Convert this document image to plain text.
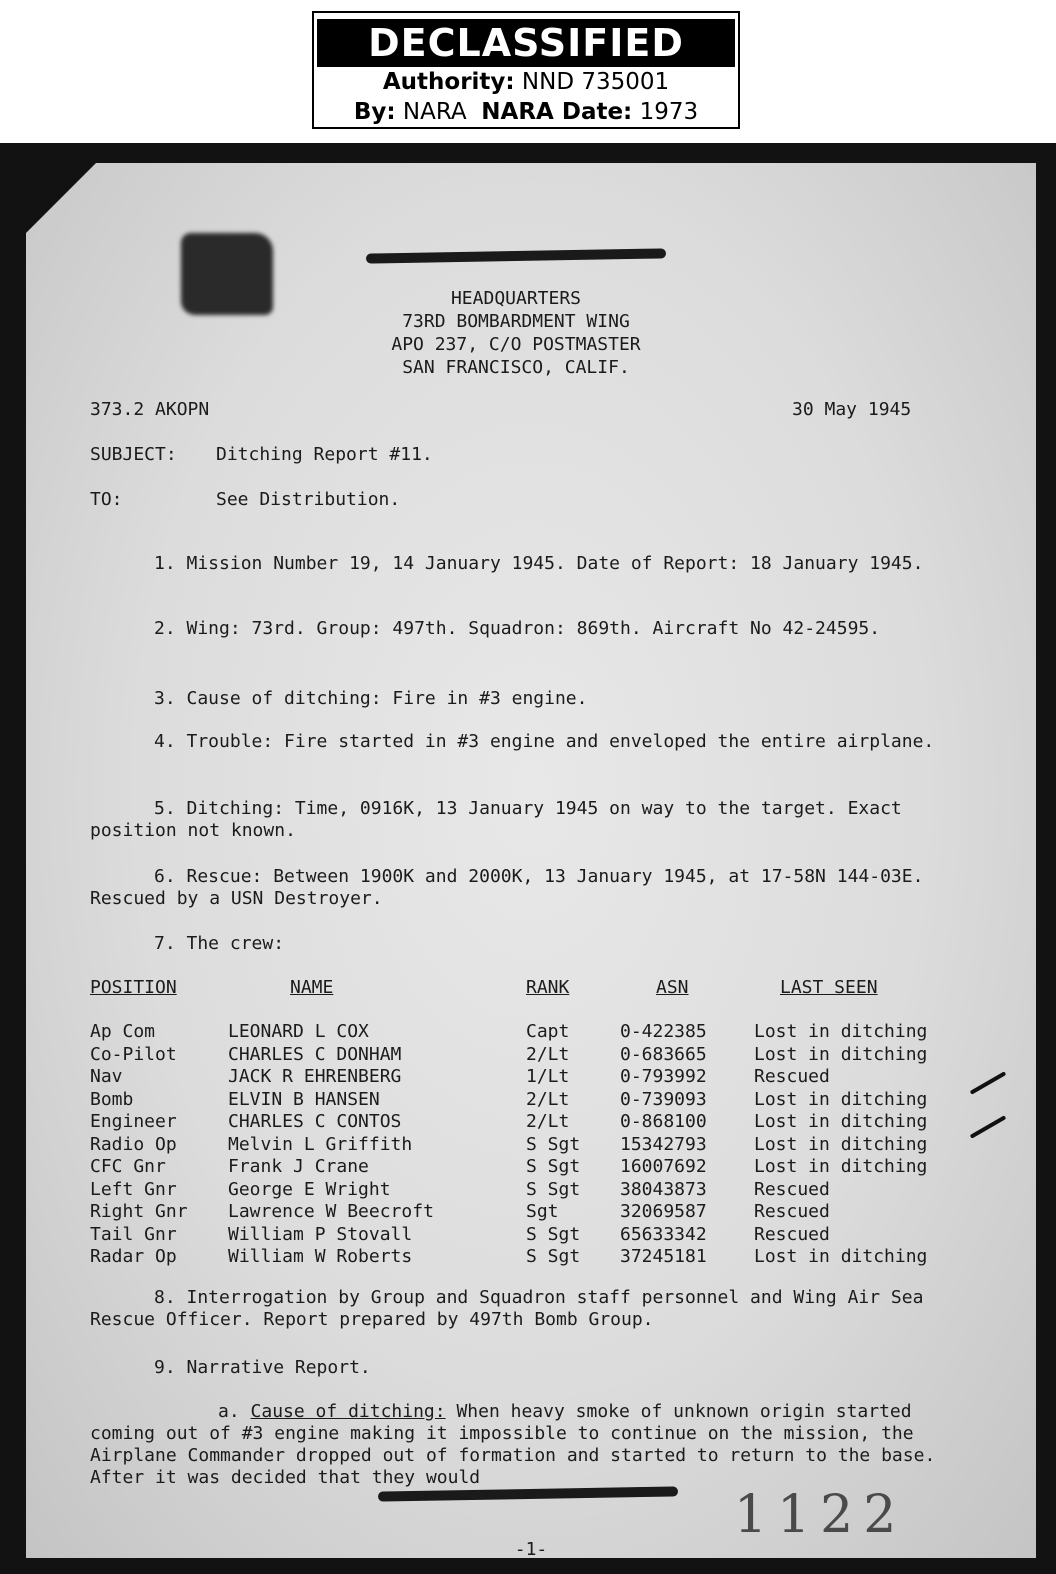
DECLASSIFIED
Authority: NND 735001
By: NARA NARA Date: 1973
HEADQUARTERS
73RD BOMBARDMENT WING
APO 237, C/O POSTMASTER
SAN FRANCISCO, CALIF.
373.2 AKOPN	30 May 1945
SUBJECT: Ditching Report #11.
TO:	See Distribution.
1. Mission Number 19, 14 January 1945. Date of Report: 18 January 1945.
2. Wing: 73rd. Group: 497th. Squadron: 869th. Aircraft No 42-24595.
3. Cause of ditching: Fire in #3 engine.
4. Trouble: Fire started in #3 engine and enveloped the entire airplane.
5. Ditching: Time, 0916K, 13 January 1945 on way to the target. Exact position not known.
6. Rescue: Between 1900K and 2000K, 13 January 1945, at 17-58N 144-03E. Rescued by a USN Destroyer.
7. The crew:
POSITION	NAME	RANK	ASN	LAST SEEN
Ap Com	LEONARD L COX	Capt	0-422385	Lost in ditching
Co-Pilot	CHARLES C DONHAM	2/Lt	0-683665	Lost in ditching
Nav	JACK R EHRENBERG	1/Lt	0-793992	Rescued
Bomb	ELVIN B HANSEN	2/Lt	0-739093	Lost in ditching
Engineer	CHARLES C CONTOS	2/Lt	0-868100	Lost in ditching
Radio Op	Melvin L Griffith	S Sgt 15342793	Lost in ditching
CFC Gnr	Frank J Crane	S Sgt 16007692	Lost in ditching
Left Gnr	George E Wright	S Sgt 38043873	Rescued
Right Gnr Lawrence W Beecroft	Sgt	32069587	Rescued
Tail Gnr	William P Stovall	S Sgt 65633342	Rescued
Radar Op	William W Roberts	S Sgt 37245181	Lost in ditching
8. Interrogation by Group and Squadron staff personnel and Wing Air Sea Rescue Officer. Report prepared by 497th Bomb Group.
9. Narrative Report.
a. Cause of ditching: When heavy smoke of unknown origin started coming out of #3 engine making it impossible to continue on the mission, the Airplane Commander dropped out of formation and started to return to the base. After it was decided that they would
1122
-1-
